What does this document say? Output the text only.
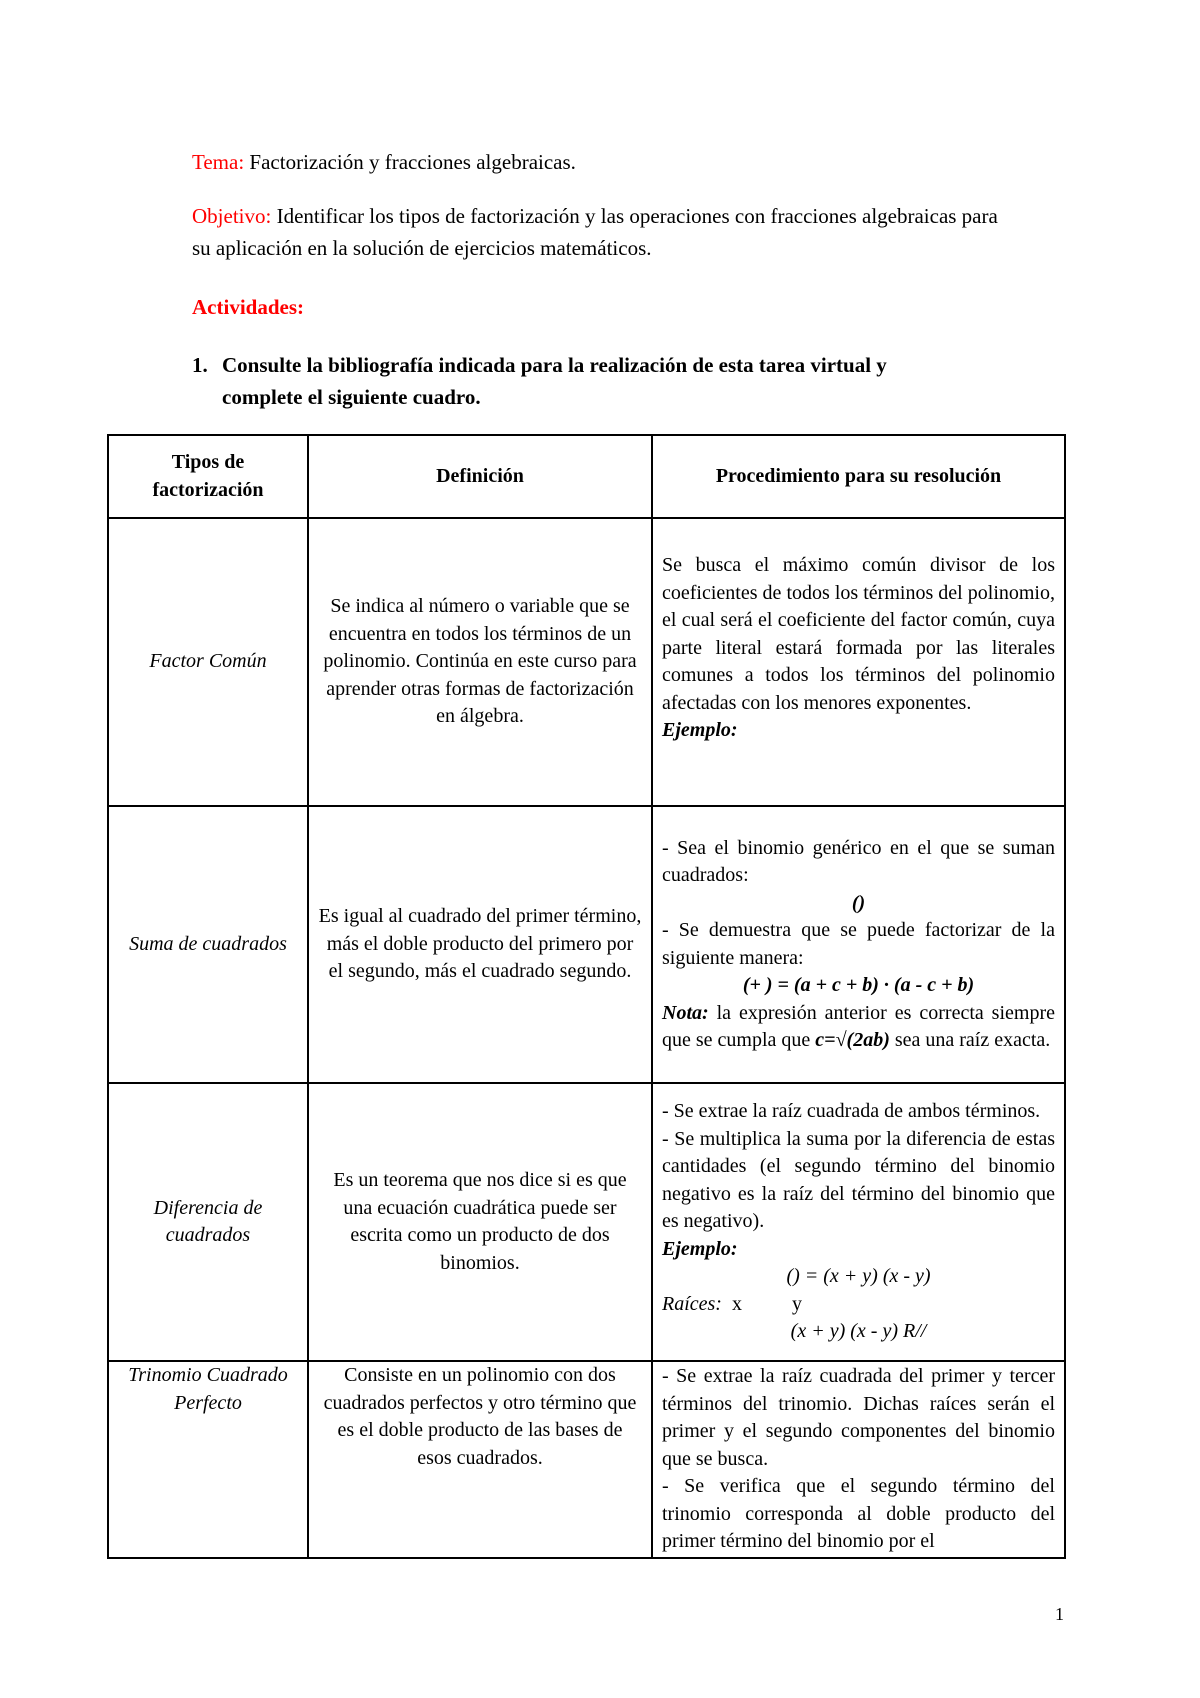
Tema: Factorización y fracciones algebraicas.
Objetivo: Identificar los tipos de factorización y las operaciones con fracciones algebraicas para su aplicación en la solución de ejercicios matemáticos.
Actividades:
1. Consulte la bibliografía indicada para la realización de esta tarea virtual y complete el siguiente cuadro.
Tipos de factorización	Definición	Procedimiento para su resolución
Factor Común	Se indica al número o variable que se encuentra en todos los términos de un polinomio. Continúa en este curso para aprender otras formas de factorización en álgebra.	Se busca el máximo común divisor de los coeficientes de todos los términos del polinomio, el cual será el coeficiente del factor común, cuya parte literal estará formada por las literales comunes a todos los términos del polinomio afectadas con los menores exponentes.
Ejemplo:

Suma de cuadrados	Es igual al cuadrado del primer término, más el doble producto del primero por el segundo, más el cuadrado segundo.	- Sea el binomio genérico en el que se suman cuadrados:
()
- Se demuestra que se puede factorizar de la siguiente manera:
(+ ) = (a + c + b) · (a - c + b)
Nota: la expresión anterior es correcta siempre que se cumpla que c=√(2ab) sea una raíz exacta.
Diferencia de cuadrados	Es un teorema que nos dice si es que una ecuación cuadrática puede ser escrita como un producto de dos binomios.	- Se extrae la raíz cuadrada de ambos términos.
- Se multiplica la suma por la diferencia de estas cantidades (el segundo término del binomio negativo es la raíz del término del binomio que es negativo).
Ejemplo:
() = (x + y) (x - y)
Raíces:  x          y
(x + y) (x - y) R//

Trinomio Cuadrado Perfecto	Consiste en un polinomio con dos cuadrados perfectos y otro término que es el doble producto de las bases de esos cuadrados.	- Se extrae la raíz cuadrada del primer y tercer términos del trinomio. Dichas raíces serán el primer y el segundo componentes del binomio que se busca.
- Se verifica que el segundo término del trinomio corresponda al doble producto del primer término del binomio por el
1
